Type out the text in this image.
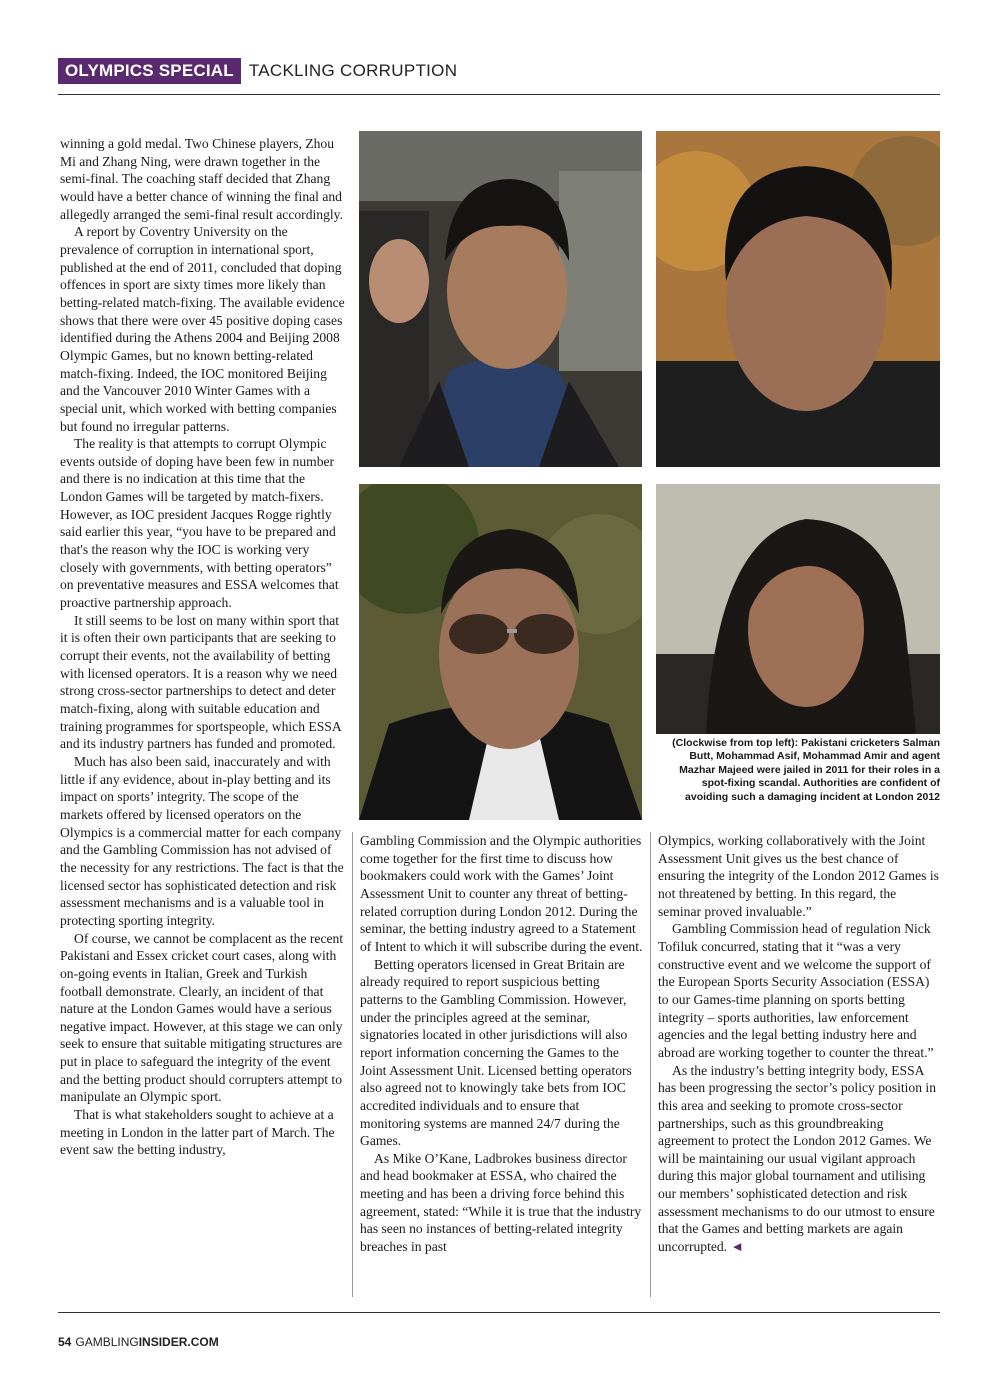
OLYMPICS SPECIAL TACKLING CORRUPTION

winning a gold medal. Two Chinese players, Zhou Mi and Zhang Ning, were drawn together in the semi-final. The coaching staff decided that Zhang would have a better chance of winning the final and allegedly arranged the semi-final result accordingly.

A report by Coventry University on the prevalence of corruption in international sport, published at the end of 2011, concluded that doping offences in sport are sixty times more likely than betting-related match-fixing. The available evidence shows that there were over 45 positive doping cases identified during the Athens 2004 and Beijing 2008 Olympic Games, but no known betting-related match-fixing. Indeed, the IOC monitored Beijing and the Vancouver 2010 Winter Games with a special unit, which worked with betting companies but found no irregular patterns.

The reality is that attempts to corrupt Olympic events outside of doping have been few in number and there is no indication at this time that the London Games will be targeted by match-fixers. However, as IOC president Jacques Rogge rightly said earlier this year, “you have to be prepared and that's the reason why the IOC is working very closely with governments, with betting operators” on preventative measures and ESSA welcomes that proactive partnership approach.

It still seems to be lost on many within sport that it is often their own participants that are seeking to corrupt their events, not the availability of betting with licensed operators. It is a reason why we need strong cross-sector partnerships to detect and deter match-fixing, along with suitable education and training programmes for sportspeople, which ESSA and its industry partners has funded and promoted.

Much has also been said, inaccurately and with little if any evidence, about in-play betting and its impact on sports’ integrity. The scope of the markets offered by licensed operators on the Olympics is a commercial matter for each company and the Gambling Commission has not advised of the necessity for any restrictions. The fact is that the licensed sector has sophisticated detection and risk assessment mechanisms and is a valuable tool in protecting sporting integrity.

Of course, we cannot be complacent as the recent Pakistani and Essex cricket court cases, along with on-going events in Italian, Greek and Turkish football demonstrate. Clearly, an incident of that nature at the London Games would have a serious negative impact. However, at this stage we can only seek to ensure that suitable mitigating structures are put in place to safeguard the integrity of the event and the betting product should corrupters attempt to manipulate an Olympic sport.

That is what stakeholders sought to achieve at a meeting in London in the latter part of March. The event saw the betting industry,

(Clockwise from top left): Pakistani cricketers Salman Butt, Mohammad Asif, Mohammad Amir and agent Mazhar Majeed were jailed in 2011 for their roles in a spot-fixing scandal. Authorities are confident of avoiding such a damaging incident at London 2012

Gambling Commission and the Olympic authorities come together for the first time to discuss how bookmakers could work with the Games’ Joint Assessment Unit to counter any threat of betting-related corruption during London 2012. During the seminar, the betting industry agreed to a Statement of Intent to which it will subscribe during the event.

Betting operators licensed in Great Britain are already required to report suspicious betting patterns to the Gambling Commission. However, under the principles agreed at the seminar, signatories located in other jurisdictions will also report information concerning the Games to the Joint Assessment Unit. Licensed betting operators also agreed not to knowingly take bets from IOC accredited individuals and to ensure that monitoring systems are manned 24/7 during the Games.

As Mike O’Kane, Ladbrokes business director and head bookmaker at ESSA, who chaired the meeting and has been a driving force behind this agreement, stated: “While it is true that the industry has seen no instances of betting-related integrity breaches in past

Olympics, working collaboratively with the Joint Assessment Unit gives us the best chance of ensuring the integrity of the London 2012 Games is not threatened by betting. In this regard, the seminar proved invaluable.”

Gambling Commission head of regulation Nick Tofiluk concurred, stating that it “was a very constructive event and we welcome the support of the European Sports Security Association (ESSA) to our Games-time planning on sports betting integrity – sports authorities, law enforcement agencies and the legal betting industry here and abroad are working together to counter the threat.”

As the industry’s betting integrity body, ESSA has been progressing the sector’s policy position in this area and seeking to promote cross-sector partnerships, such as this groundbreaking agreement to protect the London 2012 Games. We will be maintaining our usual vigilant approach during this major global tournament and utilising our members’ sophisticated detection and risk assessment mechanisms to do our utmost to ensure that the Games and betting markets are again uncorrupted. ◄

54 GAMBLINGINSIDER.COM
